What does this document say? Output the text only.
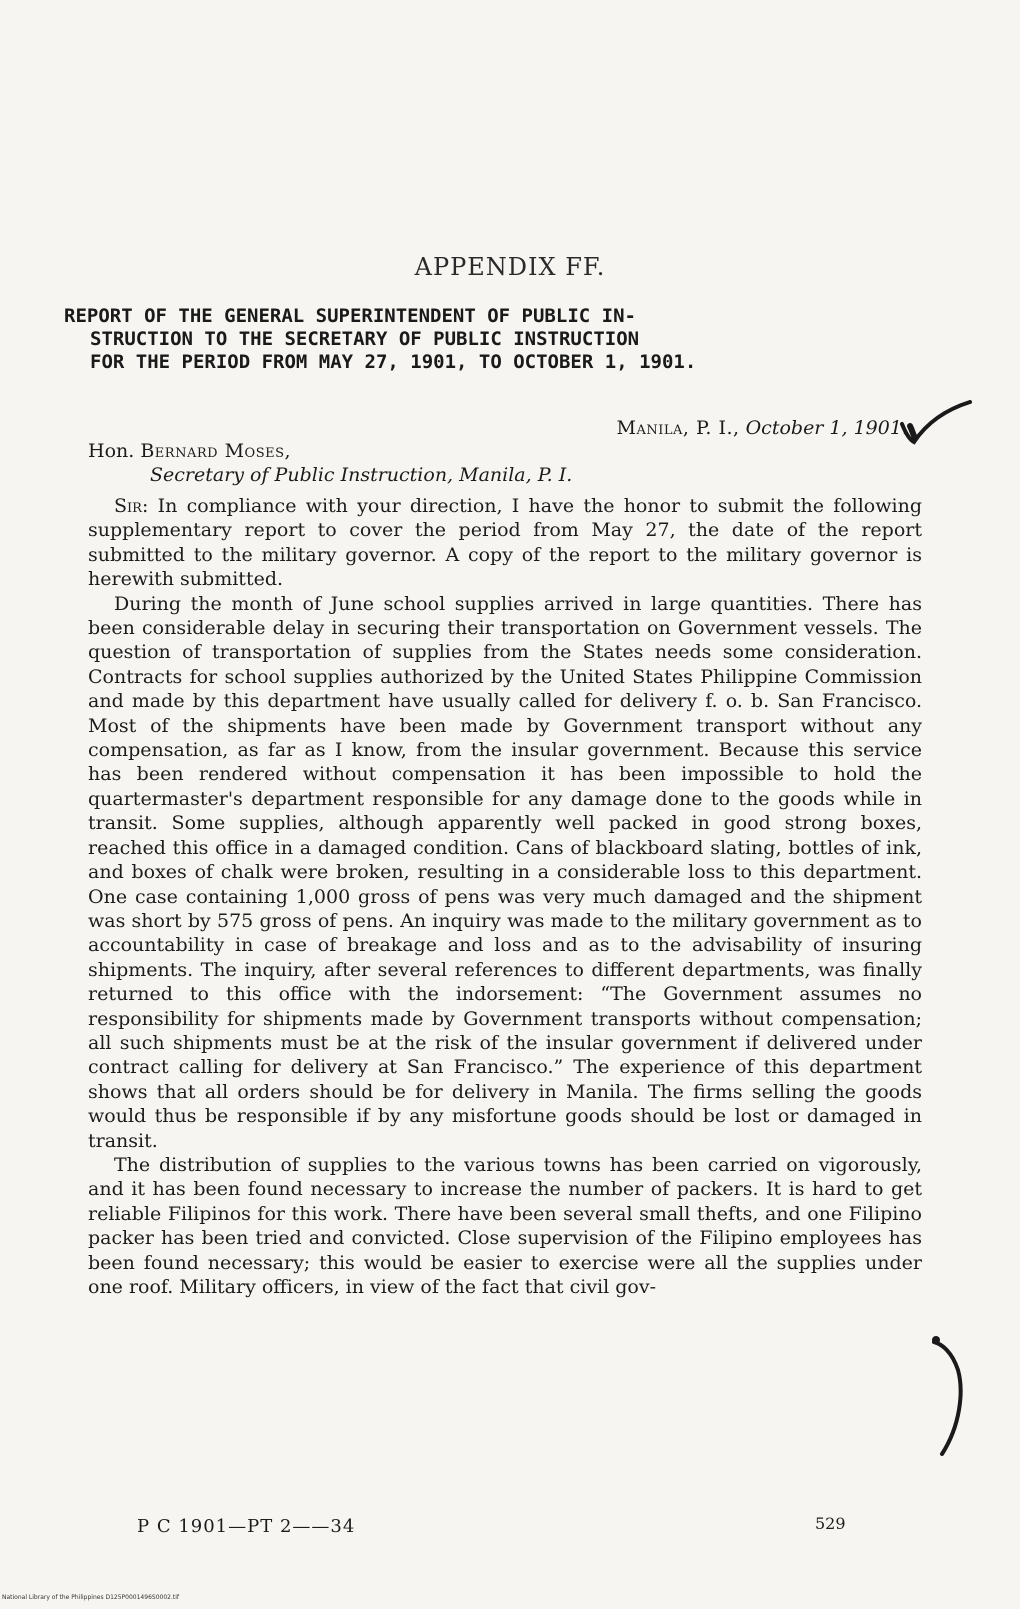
APPENDIX FF.
REPORT OF THE GENERAL SUPERINTENDENT OF PUBLIC IN-
STRUCTION TO THE SECRETARY OF PUBLIC INSTRUCTION
FOR THE PERIOD FROM MAY 27, 1901, TO OCTOBER 1, 1901.
Manila, P. I., October 1, 1901.
Hon. Bernard Moses,
Secretary of Public Instruction, Manila, P. I.

Sir: In compliance with your direction, I have the honor to submit the following supplementary report to cover the period from May 27, the date of the report submitted to the military governor. A copy of the report to the military governor is herewith submitted.

During the month of June school supplies arrived in large quantities. There has been considerable delay in securing their transportation on Government vessels. The question of transportation of supplies from the States needs some consideration. Contracts for school supplies authorized by the United States Philippine Commission and made by this department have usually called for delivery f. o. b. San Francisco. Most of the shipments have been made by Government transport without any compensation, as far as I know, from the insular government. Because this service has been rendered without compensation it has been impossible to hold the quartermaster's department responsible for any damage done to the goods while in transit. Some supplies, although apparently well packed in good strong boxes, reached this office in a damaged condition. Cans of blackboard slating, bottles of ink, and boxes of chalk were broken, resulting in a considerable loss to this department. One case containing 1,000 gross of pens was very much damaged and the shipment was short by 575 gross of pens. An inquiry was made to the military government as to accountability in case of breakage and loss and as to the advisability of insuring shipments. The inquiry, after several references to different departments, was finally returned to this office with the indorsement: “The Government assumes no responsibility for shipments made by Government transports without compensation; all such shipments must be at the risk of the insular government if delivered under contract calling for delivery at San Francisco.” The experience of this department shows that all orders should be for delivery in Manila. The firms selling the goods would thus be responsible if by any misfortune goods should be lost or damaged in transit.

The distribution of supplies to the various towns has been carried on vigorously, and it has been found necessary to increase the number of packers. It is hard to get reliable Filipinos for this work. There have been several small thefts, and one Filipino packer has been tried and convicted. Close supervision of the Filipino employees has been found necessary; this would be easier to exercise were all the supplies under one roof. Military officers, in view of the fact that civil gov-

P C 1901—PT 2——34	529
National Library of the Philippines D125P0001496S0002.tif
